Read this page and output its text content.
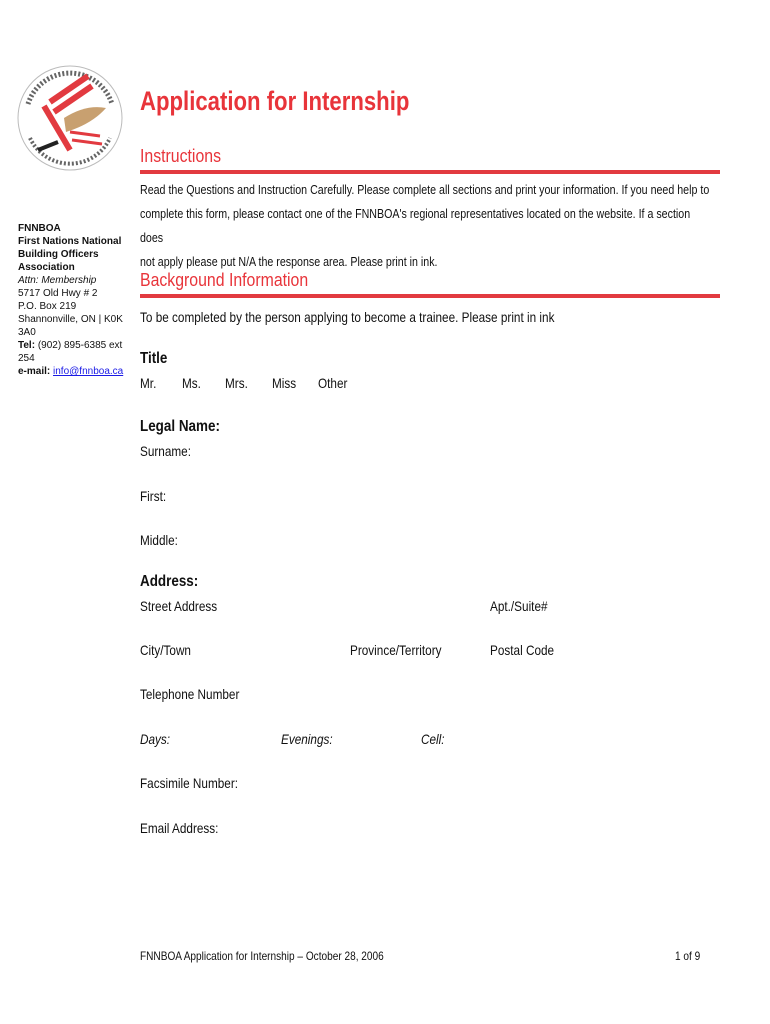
FNNBOA
First Nations National
Building Officers
Association
Attn: Membership
5717 Old Hwy # 2
P.O. Box 219
Shannonville, ON | K0K 3A0
Tel: (902) 895-6385 ext 254
e-mail: info@fnnboa.ca
Application for Internship
Instructions
Read the Questions and Instruction Carefully. Please complete all sections and print your information. If you need help to
complete this form, please contact one of the FNNBOA's regional representatives located on the website. If a section does
not apply please put N/A the response area. Please print in ink.
Background Information
To be completed by the person applying to become a trainee. Please print in ink
Title
Mr. Ms. Mrs. Miss Other
Legal Name:
Surname:
First:
Middle:
Address:
Street Address	Apt./Suite#
City/Town	Province/Territory	Postal Code
Telephone Number
Days:	Evenings:	Cell:
Facsimile Number:
Email Address:
FNNBOA Application for Internship – October 28, 2006	1 of 9
